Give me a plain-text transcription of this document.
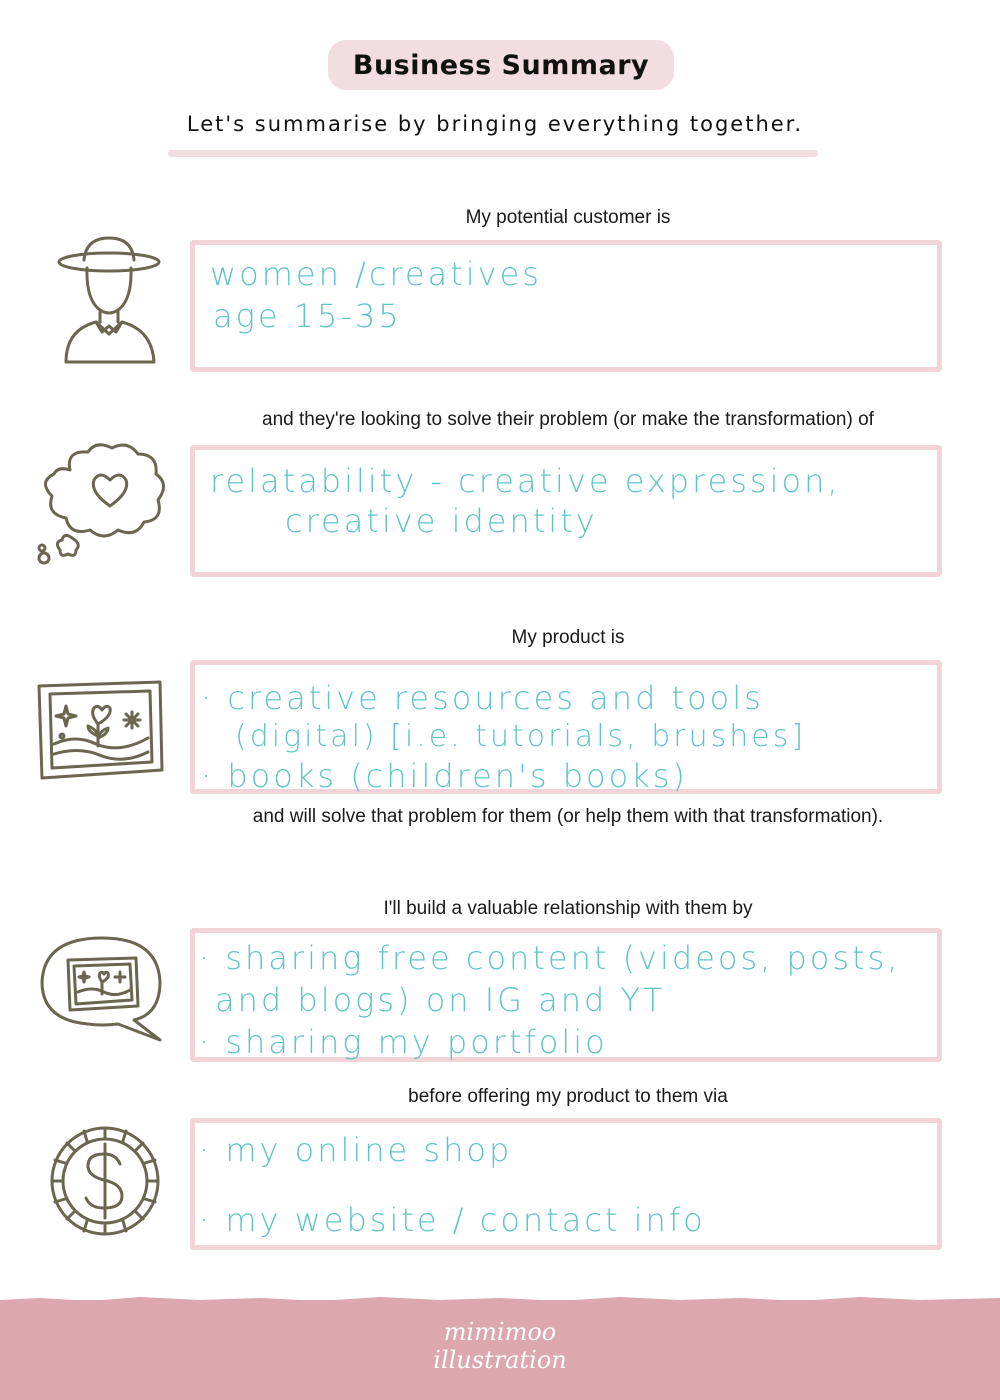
Business Summary
Let's summarise by bringing everything together.
My potential customer is
women /creatives
age 15-35
and they're looking to solve their problem (or make the transformation) of
relatability - creative expression,
creative identity
My product is
· creative resources and tools
(digital) [i.e. tutorials, brushes]
· books (children's books)
and will solve that problem for them (or help them with that transformation).
I'll build a valuable relationship with them by
· sharing free content (videos, posts,
and blogs) on IG and YT
· sharing my portfolio
before offering my product to them via
· my online shop
· my website / contact info
mimimoo
illustration
